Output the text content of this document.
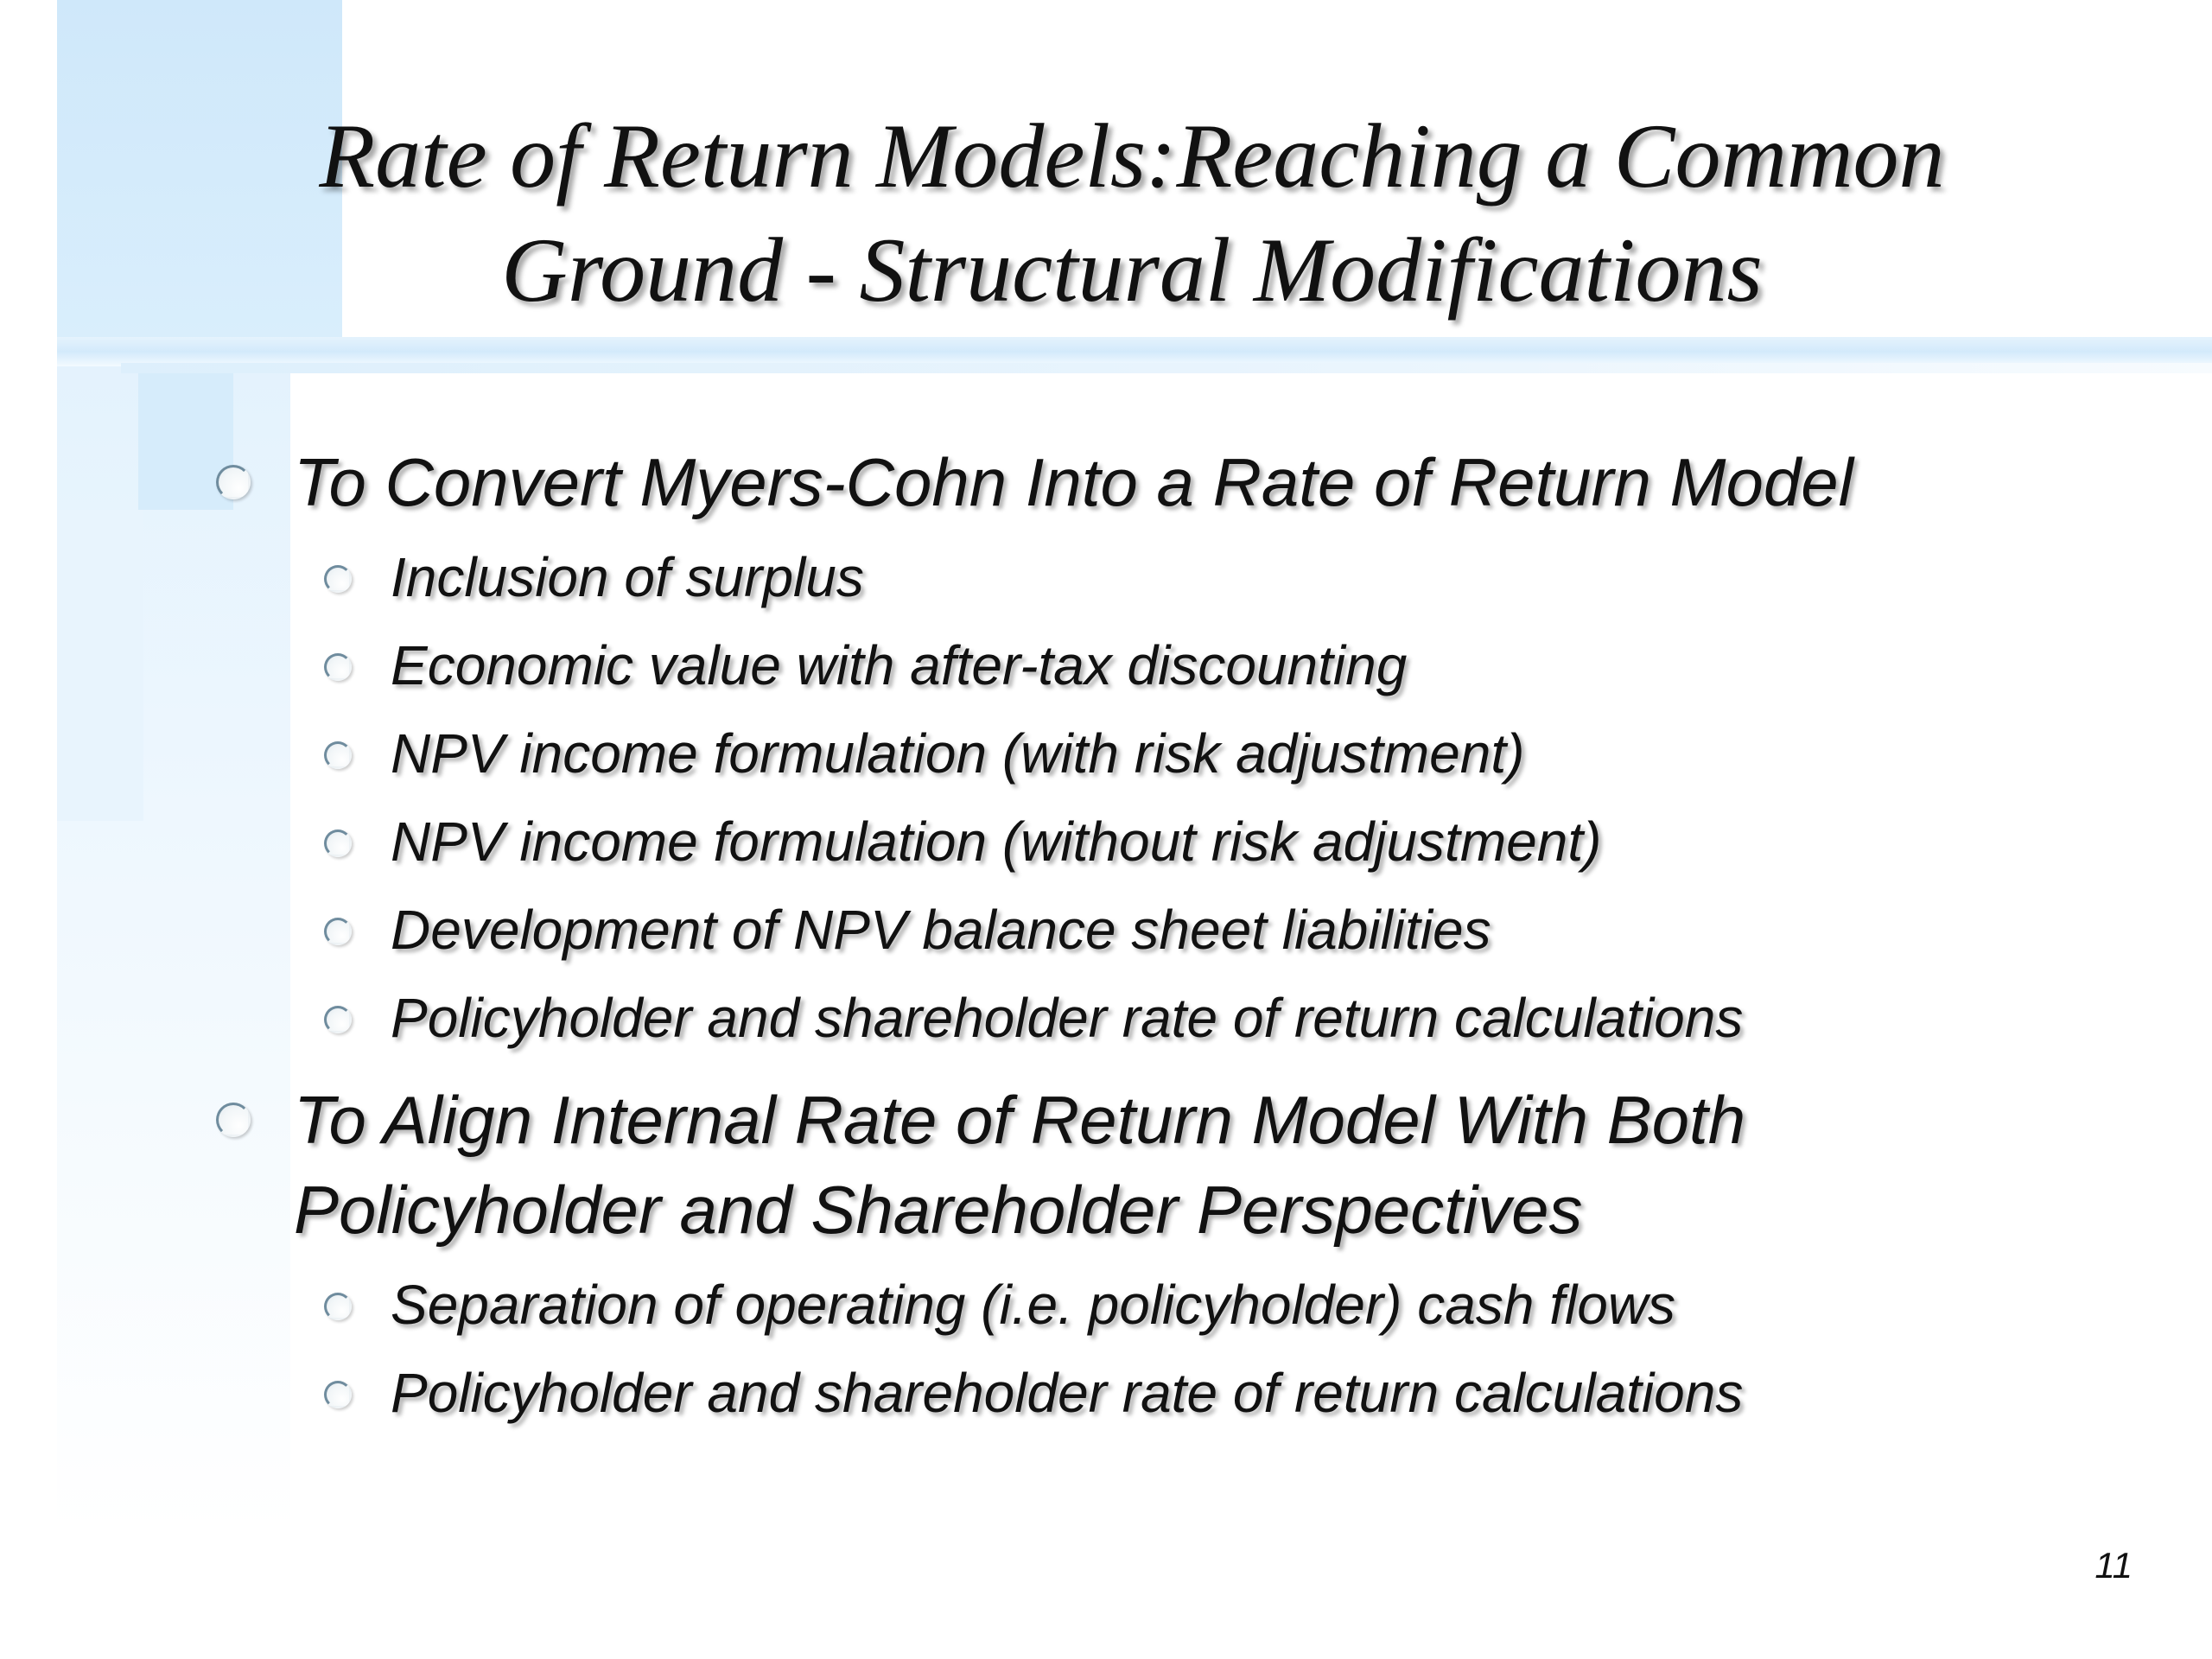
Rate of Return Models:Reaching a Common
Ground - Structural Modifications
To Convert Myers-Cohn Into a Rate of Return Model
Inclusion of surplus
Economic value with after-tax discounting
NPV income formulation (with risk adjustment)
NPV income formulation (without risk adjustment)
Development of NPV balance sheet liabilities
Policyholder and shareholder rate of return calculations
To Align Internal Rate of Return Model With Both
Policyholder and Shareholder Perspectives
Separation of operating (i.e. policyholder) cash flows
Policyholder and shareholder rate of return calculations
11
